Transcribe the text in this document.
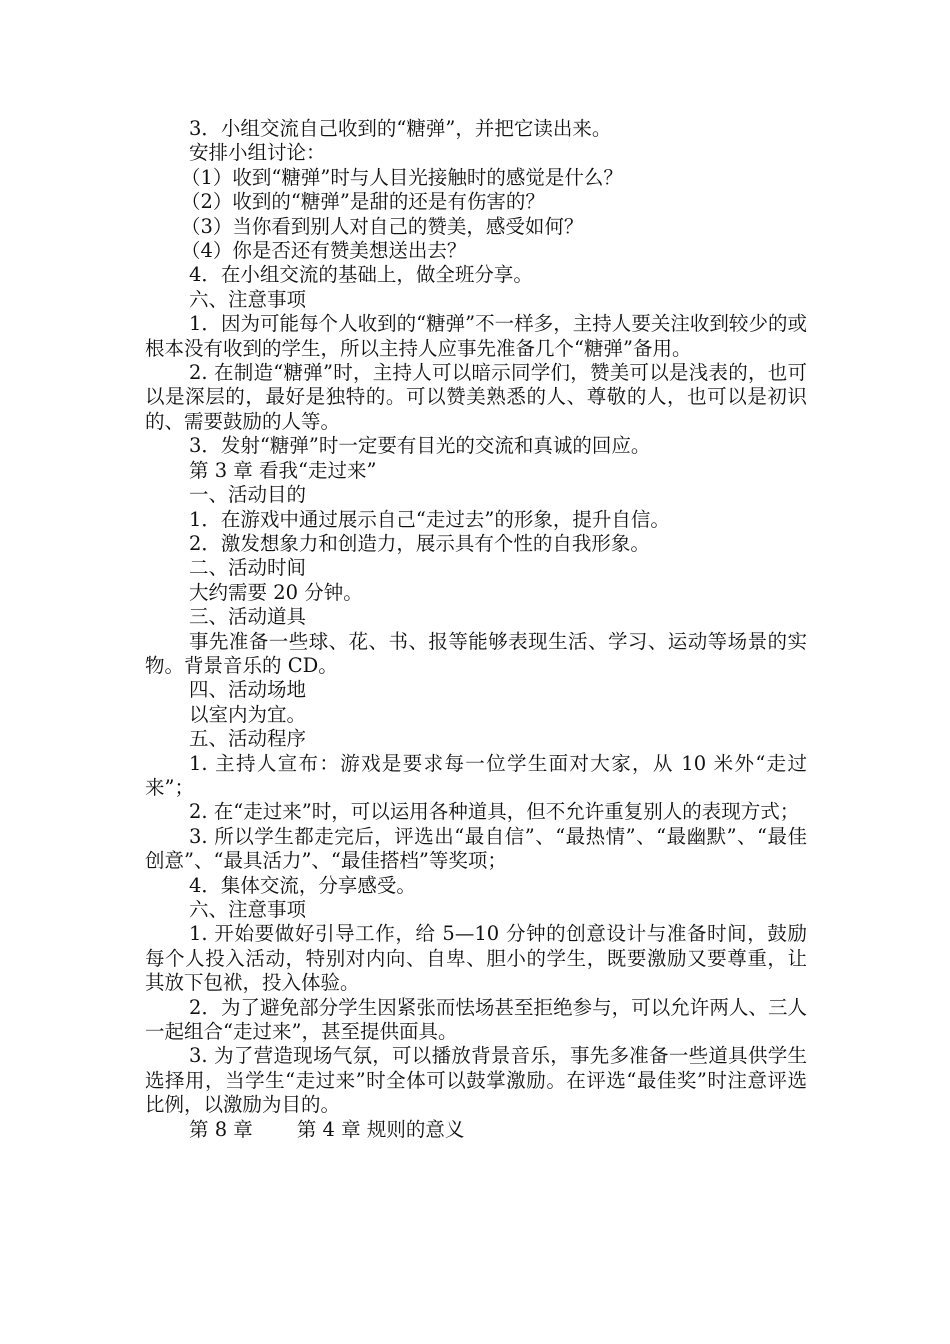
3．小组交流自己收到的“糖弹”，并把它读出来。
安排小组讨论：
（1）收到“糖弹”时与人目光接触时的感觉是什么？
（2）收到的“糖弹”是甜的还是有伤害的？
（3）当你看到别人对自己的赞美，感受如何？
（4）你是否还有赞美想送出去？
4．在小组交流的基础上，做全班分享。
六、注意事项
1．因为可能每个人收到的“糖弹”不一样多，主持人要关注收到较少的或根本没有收到的学生，所以主持人应事先准备几个“糖弹”备用。
2. 在制造“糖弹”时，主持人可以暗示同学们，赞美可以是浅表的，也可以是深层的，最好是独特的。可以赞美熟悉的人、尊敬的人，也可以是初识的、需要鼓励的人等。
3．发射“糖弹”时一定要有目光的交流和真诚的回应。
第 3 章 看我“走过来”
一、活动目的
1．在游戏中通过展示自己“走过去”的形象，提升自信。
2．激发想象力和创造力，展示具有个性的自我形象。
二、活动时间
大约需要 20 分钟。
三、活动道具
事先准备一些球、花、书、报等能够表现生活、学习、运动等场景的实物。背景音乐的 CD。
四、活动场地
以室内为宜。
五、活动程序
1. 主持人宣布：游戏是要求每一位学生面对大家，从 10 米外“走过来”；
2. 在“走过来”时，可以运用各种道具，但不允许重复别人的表现方式；
3. 所以学生都走完后，评选出“最自信”、“最热情”、“最幽默”、“最佳创意”、“最具活力”、“最佳搭档”等奖项；
4．集体交流，分享感受。
六、注意事项
1. 开始要做好引导工作，给 5—10 分钟的创意设计与准备时间，鼓励每个人投入活动，特别对内向、自卑、胆小的学生，既要激励又要尊重，让其放下包袱，投入体验。
2．为了避免部分学生因紧张而怯场甚至拒绝参与，可以允许两人、三人一起组合“走过来”，甚至提供面具。
3. 为了营造现场气氛，可以播放背景音乐，事先多准备一些道具供学生选择用，当学生“走过来”时全体可以鼓掌激励。在评选“最佳奖”时注意评选比例，以激励为目的。
第 8 章 第 4 章 规则的意义
